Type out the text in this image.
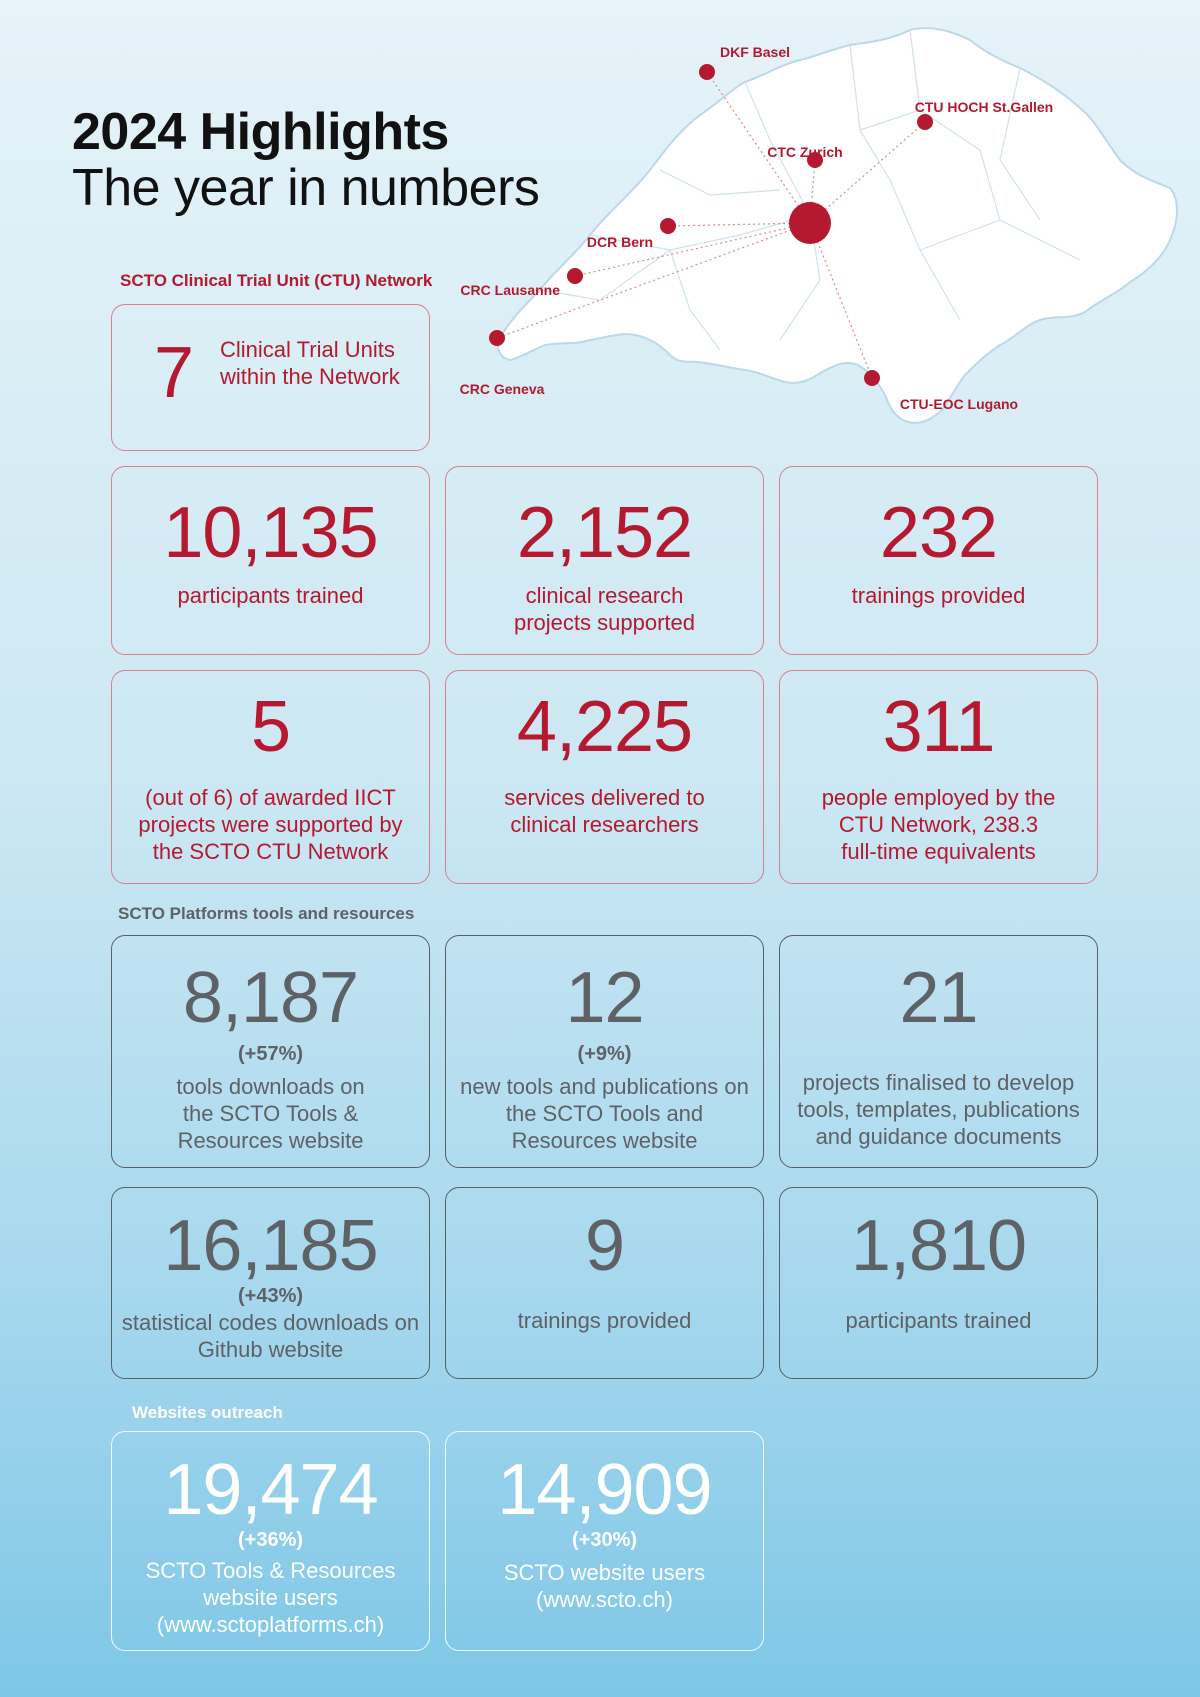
2024 Highlights
The year in numbers
DKF Basel
CTU HOCH St.Gallen
CTC Zurich
DCR Bern
CRC Lausanne
CRC Geneva
CTU-EOC Lugano
SCTO Clinical Trial Unit (CTU) Network
7 Clinical Trial Units within the Network
10,135
participants trained
2,152
clinical research projects supported
232
trainings provided
5
(out of 6) of awarded IICT projects were supported by the SCTO CTU Network
4,225
services delivered to clinical researchers
311
people employed by the CTU Network, 238.3 full-time equivalents
SCTO Platforms tools and resources
8,187
(+57%)
tools downloads on the SCTO Tools & Resources website
12
(+9%)
new tools and publications on the SCTO Tools and Resources website
21
projects finalised to develop tools, templates, publications and guidance documents
16,185
(+43%)
statistical codes downloads on Github website
9
trainings provided
1,810
participants trained
Websites outreach
19,474
(+36%)
SCTO Tools & Resources website users (www.sctoplatforms.ch)
14,909
(+30%)
SCTO website users (www.scto.ch)
